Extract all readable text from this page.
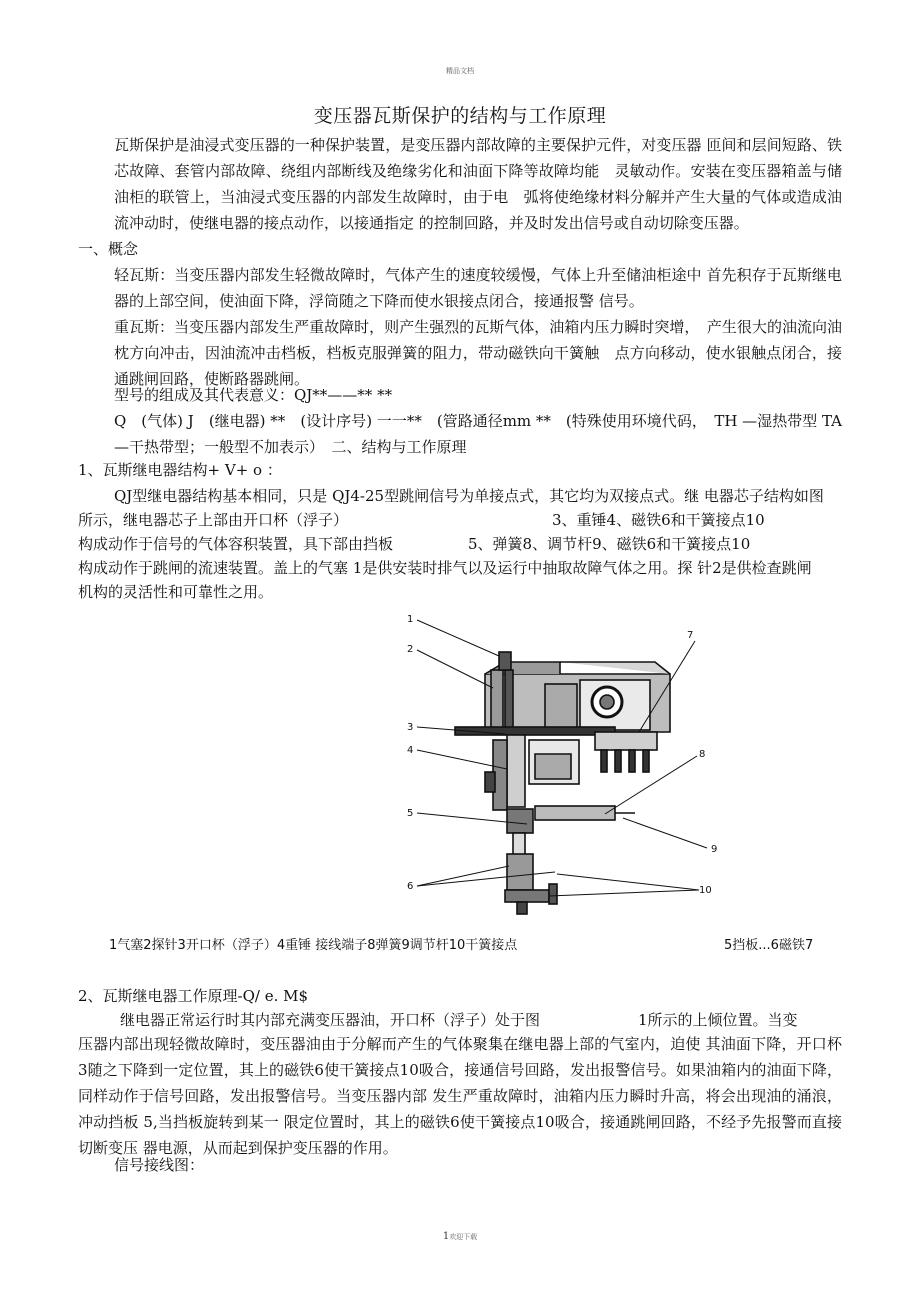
精品文档
变压器瓦斯保护的结构与工作原理
瓦斯保护是油浸式变压器的一种保护装置，是变压器内部故障的主要保护元件，对变压器 匝间和层间短路、铁芯故障、套管内部故障、绕组内部断线及绝缘劣化和油面下降等故障均能　灵敏动作。安装在变压器箱盖与储油柜的联管上，当油浸式变压器的内部发生故障时，由于电　弧将使绝缘材料分解并产生大量的气体或造成油流冲动时，使继电器的接点动作，以接通指定 的控制回路，并及时发出信号或自动切除变压器。
一、概念
轻瓦斯：当变压器内部发生轻微故障时，气体产生的速度较缓慢，气体上升至储油柜途中 首先积存于瓦斯继电器的上部空间，使油面下降，浮筒随之下降而使水银接点闭合，接通报警 信号。
重瓦斯：当变压器内部发生严重故障时，则产生强烈的瓦斯气体，油箱内压力瞬时突增，　产生很大的油流向油枕方向冲击，因油流冲击档板，档板克服弹簧的阻力，带动磁铁向干簧触　点方向移动，使水银触点闭合，接通跳闸回路，使断路器跳闸。
型号的组成及其代表意义：QJ**——** **
Q　(气体) J　(继电器) **　(设计序号) 一一**　(管路通径mm **　(特殊使用环境代码，　TH —湿热带型 TA —干热带型；一般型不加表示）　二、结构与工作原理
1、瓦斯继电器结构+ V+ o ：
QJ型继电器结构基本相同，只是 QJ4-25型跳闸信号为单接点式，其它均为双接点式。继 电器芯子结构如图
所示，继电器芯子上部由开口杯（浮子）	3、重锤4、磁铁6和干簧接点10
构成动作于信号的气体容积装置，具下部由挡板	5、弹簧8、调节杆9、磁铁6和干簧接点10
构成动作于跳闸的流速装置。盖上的气塞 1是供安装时排气以及运行中抽取故障气体之用。探 针2是供检查跳闸
机构的灵活性和可靠性之用。
1
2
3
4
5
6
7
8
9
10
1气塞2探针3开口杯（浮子）4重锤 接线端子8弹簧9调节杆10干簧接点	5挡板...6磁铁7
2、瓦斯继电器工作原理-Q/ e. M$
继电器正常运行时其内部充满变压器油，开口杯（浮子）处于图	1所示的上倾位置。当变
压器内部出现轻微故障时，变压器油由于分解而产生的气体聚集在继电器上部的气室内，迫使 其油面下降，开口杯3随之下降到一定位置，其上的磁铁6使干簧接点10吸合，接通信号回路，发出报警信号。如果油箱内的油面下降，同样动作于信号回路，发出报警信号。当变压器内部 发生严重故障时，油箱内压力瞬时升高，将会出现油的涌浪，冲动挡板 5,当挡板旋转到某一 限定位置时，其上的磁铁6使干簧接点10吸合，接通跳闸回路，不经予先报警而直接切断变压 器电源，从而起到保护变压器的作用。
信号接线图：
1欢迎下载
